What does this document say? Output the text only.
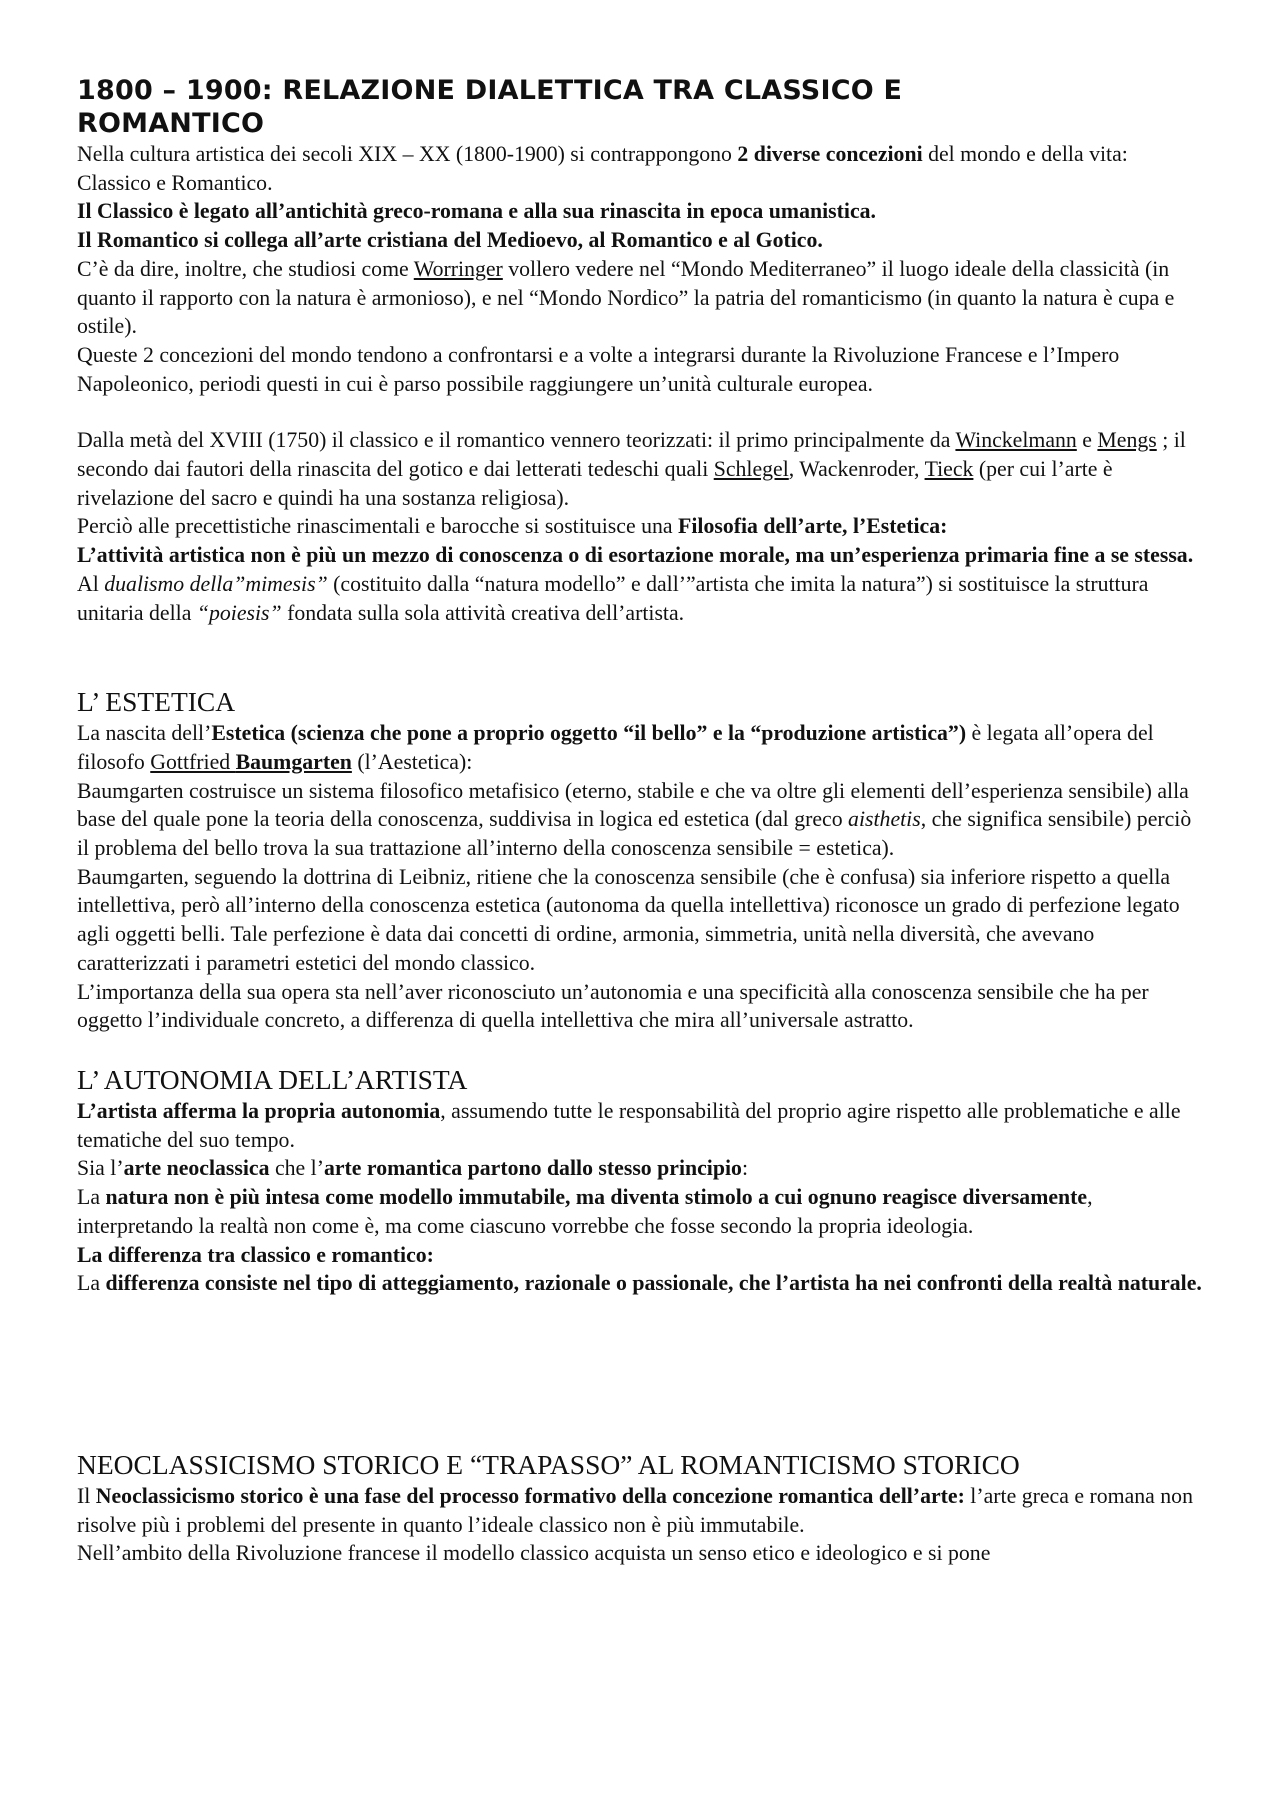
1800 – 1900: RELAZIONE DIALETTICA TRA CLASSICO E ROMANTICO

Nella cultura artistica dei secoli XIX – XX (1800-1900) si contrappongono 2 diverse concezioni del mondo e della vita: Classico e Romantico.

Il Classico è legato all’antichità greco-romana e alla sua rinascita in epoca umanistica.

Il Romantico si collega all’arte cristiana del Medioevo, al Romantico e al Gotico.

C’è da dire, inoltre, che studiosi come Worringer vollero vedere nel “Mondo Mediterraneo” il luogo ideale della classicità (in quanto il rapporto con la natura è armonioso), e nel “Mondo Nordico” la patria del romanticismo (in quanto la natura è cupa e ostile).

Queste 2 concezioni del mondo tendono a confrontarsi e a volte a integrarsi durante la Rivoluzione Francese e l’Impero Napoleonico, periodi questi in cui è parso possibile raggiungere un’unità culturale europea.

Dalla metà del XVIII (1750) il classico e il romantico vennero teorizzati: il primo principalmente da Winckelmann e Mengs ; il secondo dai fautori della rinascita del gotico e dai letterati tedeschi quali Schlegel, Wackenroder, Tieck (per cui l’arte è rivelazione del sacro e quindi ha una sostanza religiosa).

Perciò alle precettistiche rinascimentali e barocche si sostituisce una Filosofia dell’arte, l’Estetica:

L’attività artistica non è più un mezzo di conoscenza o di esortazione morale, ma un’esperienza primaria fine a se stessa. Al dualismo della”mimesis” (costituito dalla “natura modello” e dall’”artista che imita la natura”) si sostituisce la struttura unitaria della “poiesis” fondata sulla sola attività creativa dell’artista.

L’ ESTETICA

La nascita dell’Estetica (scienza che pone a proprio oggetto “il bello” e la “produzione artistica”) è legata all’opera del filosofo Gottfried Baumgarten (l’Aestetica):

Baumgarten costruisce un sistema filosofico metafisico (eterno, stabile e che va oltre gli elementi dell’esperienza sensibile) alla base del quale pone la teoria della conoscenza, suddivisa in logica ed estetica (dal greco aisthetis, che significa sensibile) perciò il problema del bello trova la sua trattazione all’interno della conoscenza sensibile = estetica).

Baumgarten, seguendo la dottrina di Leibniz, ritiene che la conoscenza sensibile (che è confusa) sia inferiore rispetto a quella intellettiva, però all’interno della conoscenza estetica (autonoma da quella intellettiva) riconosce un grado di perfezione legato agli oggetti belli. Tale perfezione è data dai concetti di ordine, armonia, simmetria, unità nella diversità, che avevano caratterizzati i parametri estetici del mondo classico.

L’importanza della sua opera sta nell’aver riconosciuto un’autonomia e una specificità alla conoscenza sensibile che ha per oggetto l’individuale concreto, a differenza di quella intellettiva che mira all’universale astratto.

L’ AUTONOMIA DELL’ARTISTA

L’artista afferma la propria autonomia, assumendo tutte le responsabilità del proprio agire rispetto alle problematiche e alle tematiche del suo tempo.

Sia l’arte neoclassica che l’arte romantica partono dallo stesso principio:

La natura non è più intesa come modello immutabile, ma diventa stimolo a cui ognuno reagisce diversamente, interpretando la realtà non come è, ma come ciascuno vorrebbe che fosse secondo la propria ideologia.

La differenza tra classico e romantico:

La differenza consiste nel tipo di atteggiamento, razionale o passionale, che l’artista ha nei confronti della realtà naturale.

NEOCLASSICISMO STORICO E “TRAPASSO” AL ROMANTICISMO STORICO

Il Neoclassicismo storico è una fase del processo formativo della concezione romantica dell’arte: l’arte greca e romana non risolve più i problemi del presente in quanto l’ideale classico non è più immutabile.

Nell’ambito della Rivoluzione francese il modello classico acquista un senso etico e ideologico e si pone
